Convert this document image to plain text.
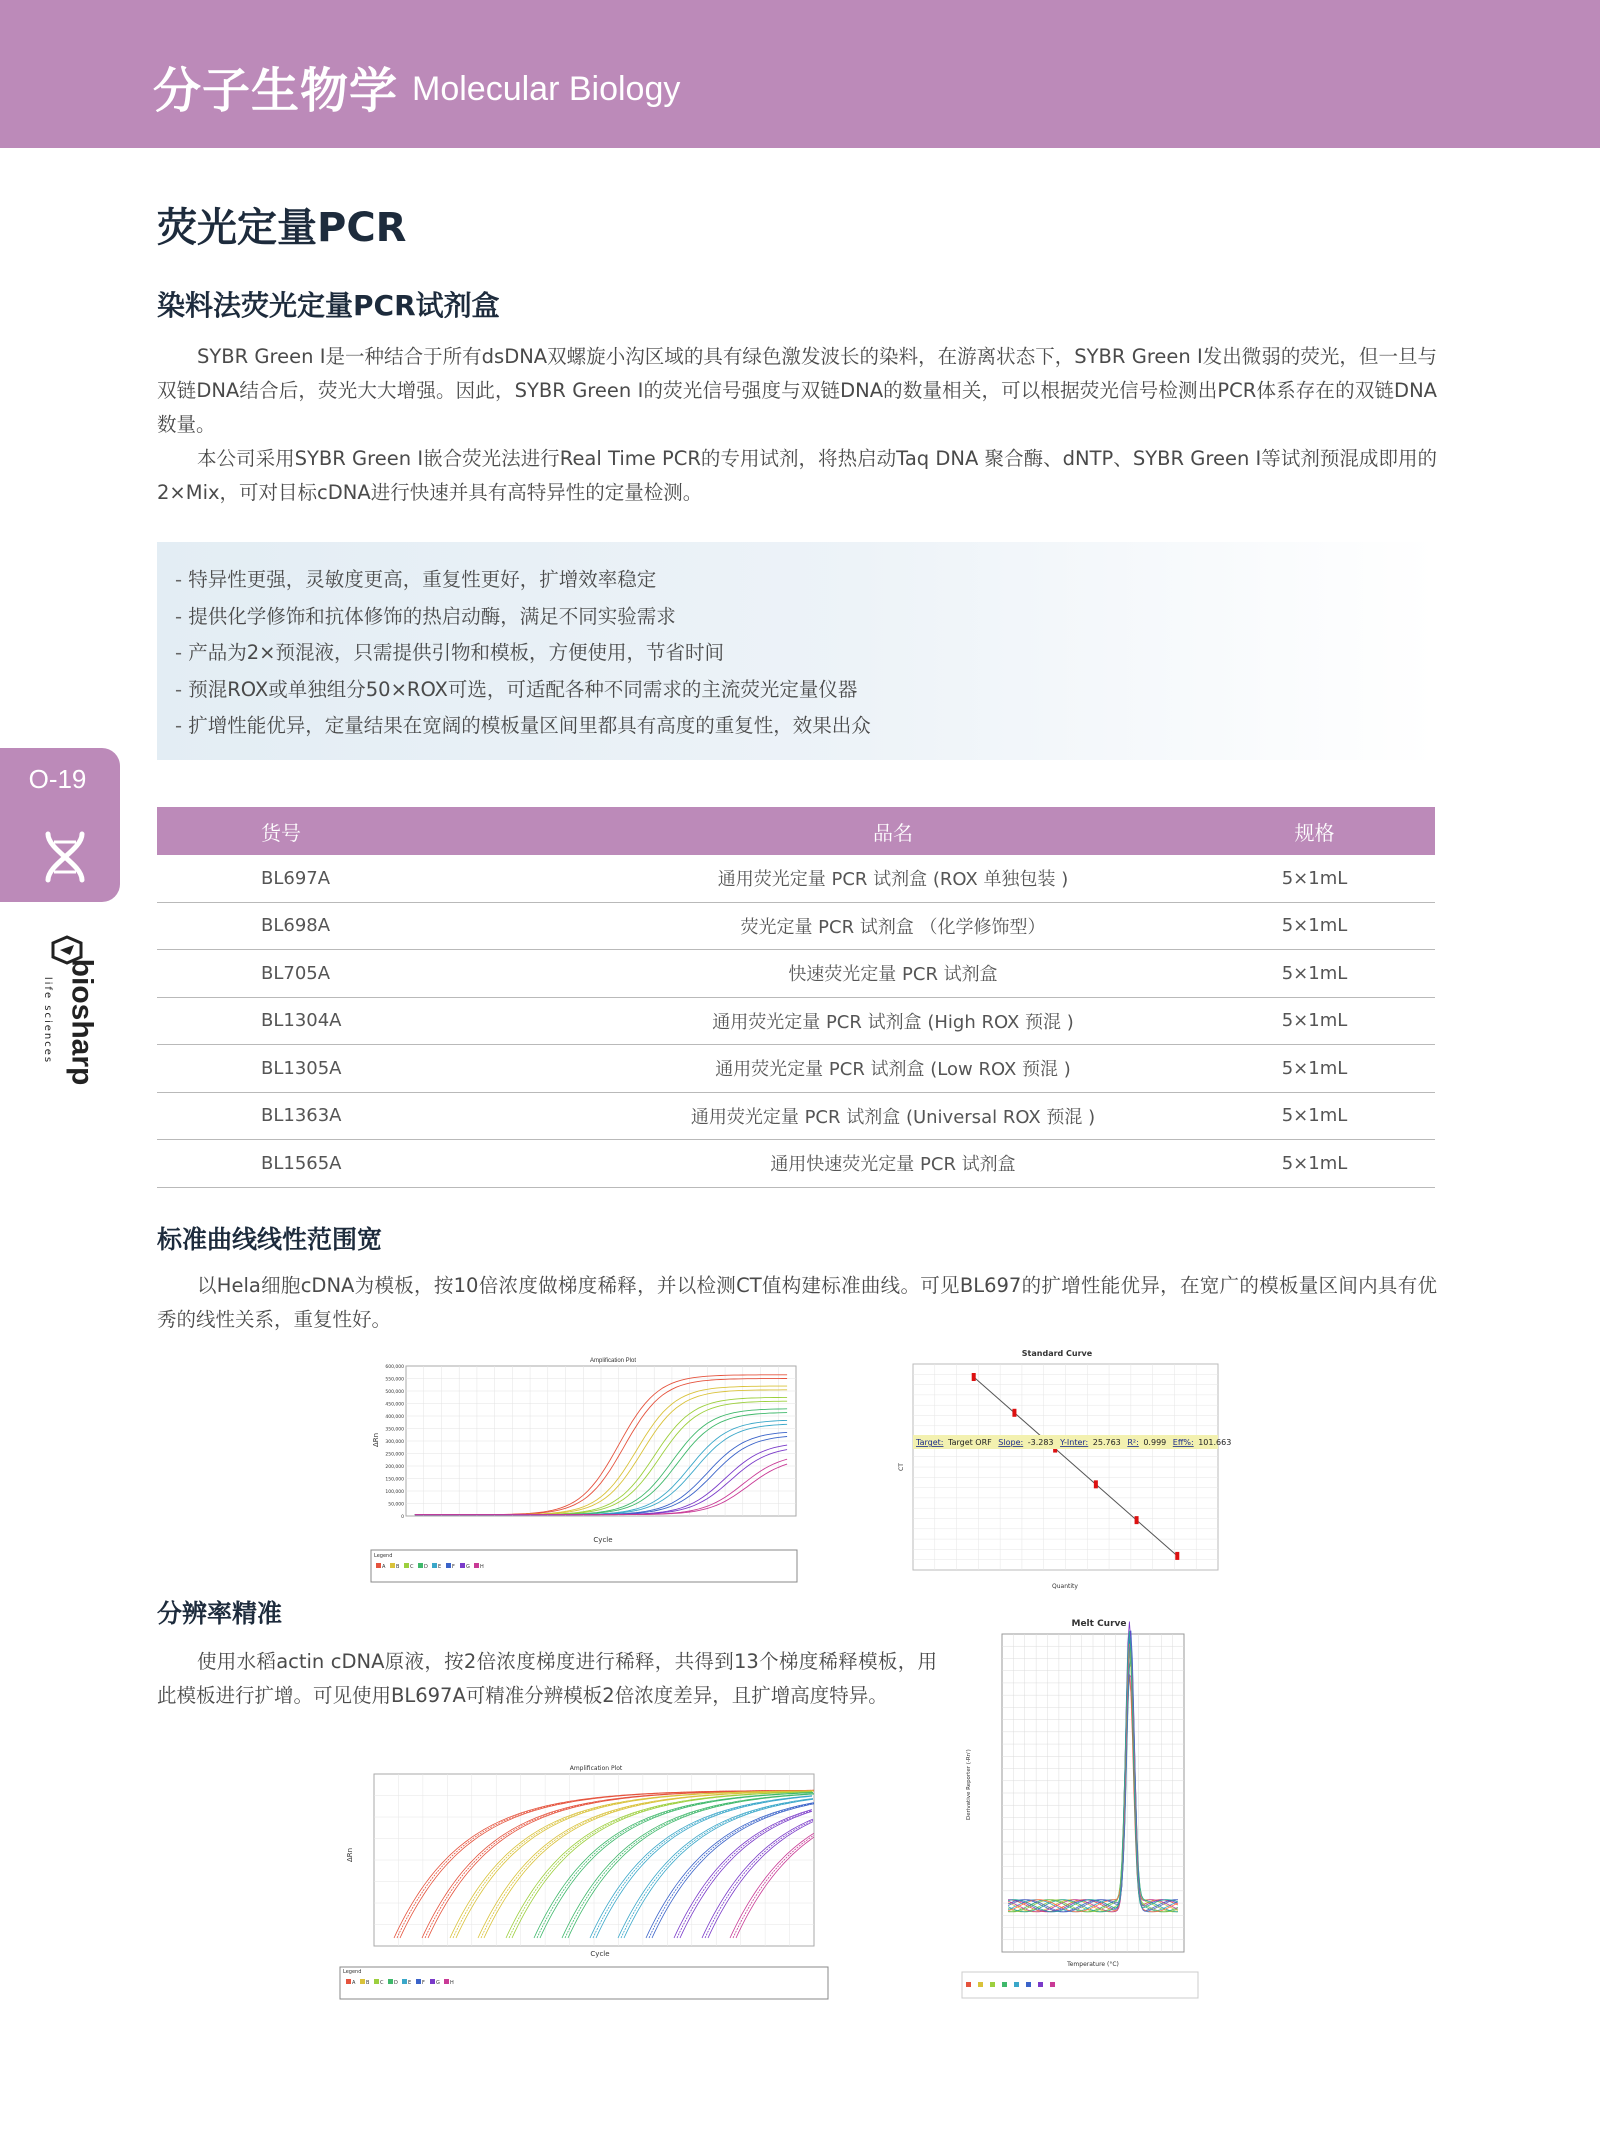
分子生物学 Molecular Biology
荧光定量PCR
染料法荧光定量PCR试剂盒

SYBR Green I是一种结合于所有dsDNA双螺旋小沟区域的具有绿色激发波长的染料，在游离状态下，SYBR Green I发出微弱的荧光，但一旦与双链DNA结合后，荧光大大增强。因此，SYBR Green I的荧光信号强度与双链DNA的数量相关，可以根据荧光信号检测出PCR体系存在的双链DNA数量。

本公司采用SYBR Green I嵌合荧光法进行Real Time PCR的专用试剂，将热启动Taq DNA 聚合酶、dNTP、SYBR Green I等试剂预混成即用的2×Mix，可对目标cDNA进行快速并具有高特异性的定量检测。

- 特异性更强，灵敏度更高，重复性更好，扩增效率稳定
- 提供化学修饰和抗体修饰的热启动酶，满足不同实验需求
- 产品为2×预混液，只需提供引物和模板，方便使用，节省时间
- 预混ROX或单独组分50×ROX可选，可适配各种不同需求的主流荧光定量仪器
- 扩增性能优异，定量结果在宽阔的模板量区间里都具有高度的重复性，效果出众
O-19
biosharp
life sciences
货号	品名	规格
BL697A	通用荧光定量 PCR 试剂盒 (ROX 单独包装 )	5×1mL
BL698A	荧光定量 PCR 试剂盒 （化学修饰型）	5×1mL
BL705A	快速荧光定量 PCR 试剂盒	5×1mL
BL1304A	通用荧光定量 PCR 试剂盒 (High ROX 预混 )	5×1mL
BL1305A	通用荧光定量 PCR 试剂盒 (Low ROX 预混 )	5×1mL
BL1363A	通用荧光定量 PCR 试剂盒 (Universal ROX 预混 )	5×1mL
BL1565A	通用快速荧光定量 PCR 试剂盒	5×1mL
标准曲线线性范围宽

以Hela细胞cDNA为模板，按10倍浓度做梯度稀释，并以检测CT值构建标准曲线。可见BL697的扩增性能优异，在宽广的模板量区间内具有优秀的线性关系，重复性好。

Amplification Plot
600,000
550,000
500,000
450,000
400,000
350,000
300,000
250,000
200,000
150,000
100,000
50,000
0
Cycle
ΔRn
Legend
A B C D E F G H
Standard Curve
Target: Target ORF Slope: -3.283 Y-Inter: 25.763 R²: 0.999 Eff%: 101.663
Quantity
CT
分辨率精准

使用水稻actin cDNA原液，按2倍浓度梯度进行稀释，共得到13个梯度稀释模板，用此模板进行扩增。可见使用BL697A可精准分辨模板2倍浓度差异，且扩增高度特异。

Melt Curve
Temperature (°C)
Derivative Reporter (-Rn')
Amplification Plot
Cycle
ΔRn
Legend
A B C D E F G H
